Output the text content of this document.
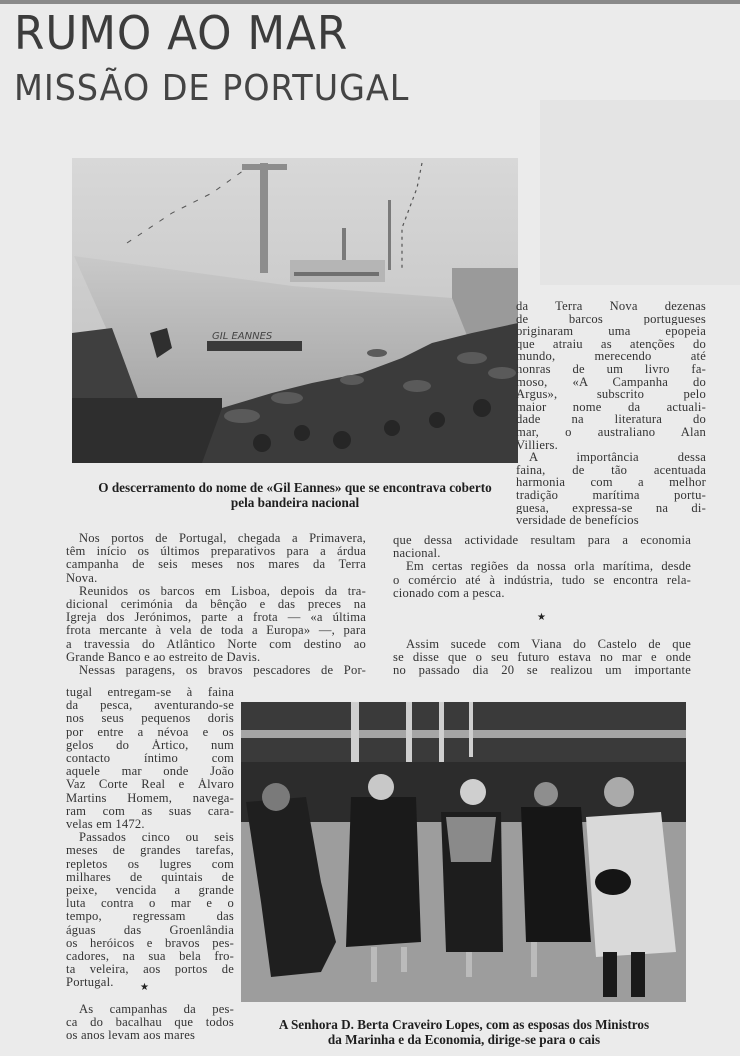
RUMO AO MAR
MISSÃO DE PORTUGAL
GIL EANNES

O descerramento do nome de «Gil Eannes» que se encontrava coberto
pela bandeira nacional

da Terra Nova dezenas
de barcos portugueses
originaram uma epopeia
que atraiu as atenções do
mundo, merecendo até
honras de um livro fa-
moso, «A Campanha do
Argus», subscrito pelo
maior nome da actuali-
dade na literatura do
mar, o australiano Alan
Villiers.
A importância dessa
faina, de tão acentuada
harmonia com a melhor
tradição marítima portu-
guesa, expressa-se na di-
versidade de benefícios
Nos portos de Portugal, chegada a Primavera,
têm início os últimos preparativos para a árdua
campanha de seis meses nos mares da Terra
Nova.
Reunidos os barcos em Lisboa, depois da tra-
dicional cerimónia da bênção e das preces na
Igreja dos Jerónimos, parte a frota — «a última
frota mercante à vela de toda a Europa» —, para
a travessia do Atlântico Norte com destino ao
Grande Banco e ao estreito de Davis.
Nessas paragens, os bravos pescadores de Por-
que dessa actividade resultam para a economia
nacional.
Em certas regiões da nossa orla marítima, desde
o comércio até à indústria, tudo se encontra rela-
cionado com a pesca.
★
Assim sucede com Viana do Castelo de que
se disse que o seu futuro estava no mar e onde
no passado dia 20 se realizou um importante
tugal entregam-se à faina
da pesca, aventurando-se
nos seus pequenos doris
por entre a névoa e os
gelos do Ártico, num
contacto íntimo com
aquele mar onde João
Vaz Corte Real e Álvaro
Martins Homem, navega-
ram com as suas cara-
velas em 1472.
Passados cinco ou seis
meses de grandes tarefas,
repletos os lugres com
milhares de quintais de
peixe, vencida a grande
luta contra o mar e o
tempo, regressam das
águas das Groenlândia
os heróicos e bravos pes-
cadores, na sua bela fro-
ta veleira, aos portos de
Portugal.	★
As campanhas da pes-
ca do bacalhau que todos
os anos levam aos mares

A Senhora D. Berta Craveiro Lopes, com as esposas dos Ministros
da Marinha e da Economia, dirige-se para o cais
